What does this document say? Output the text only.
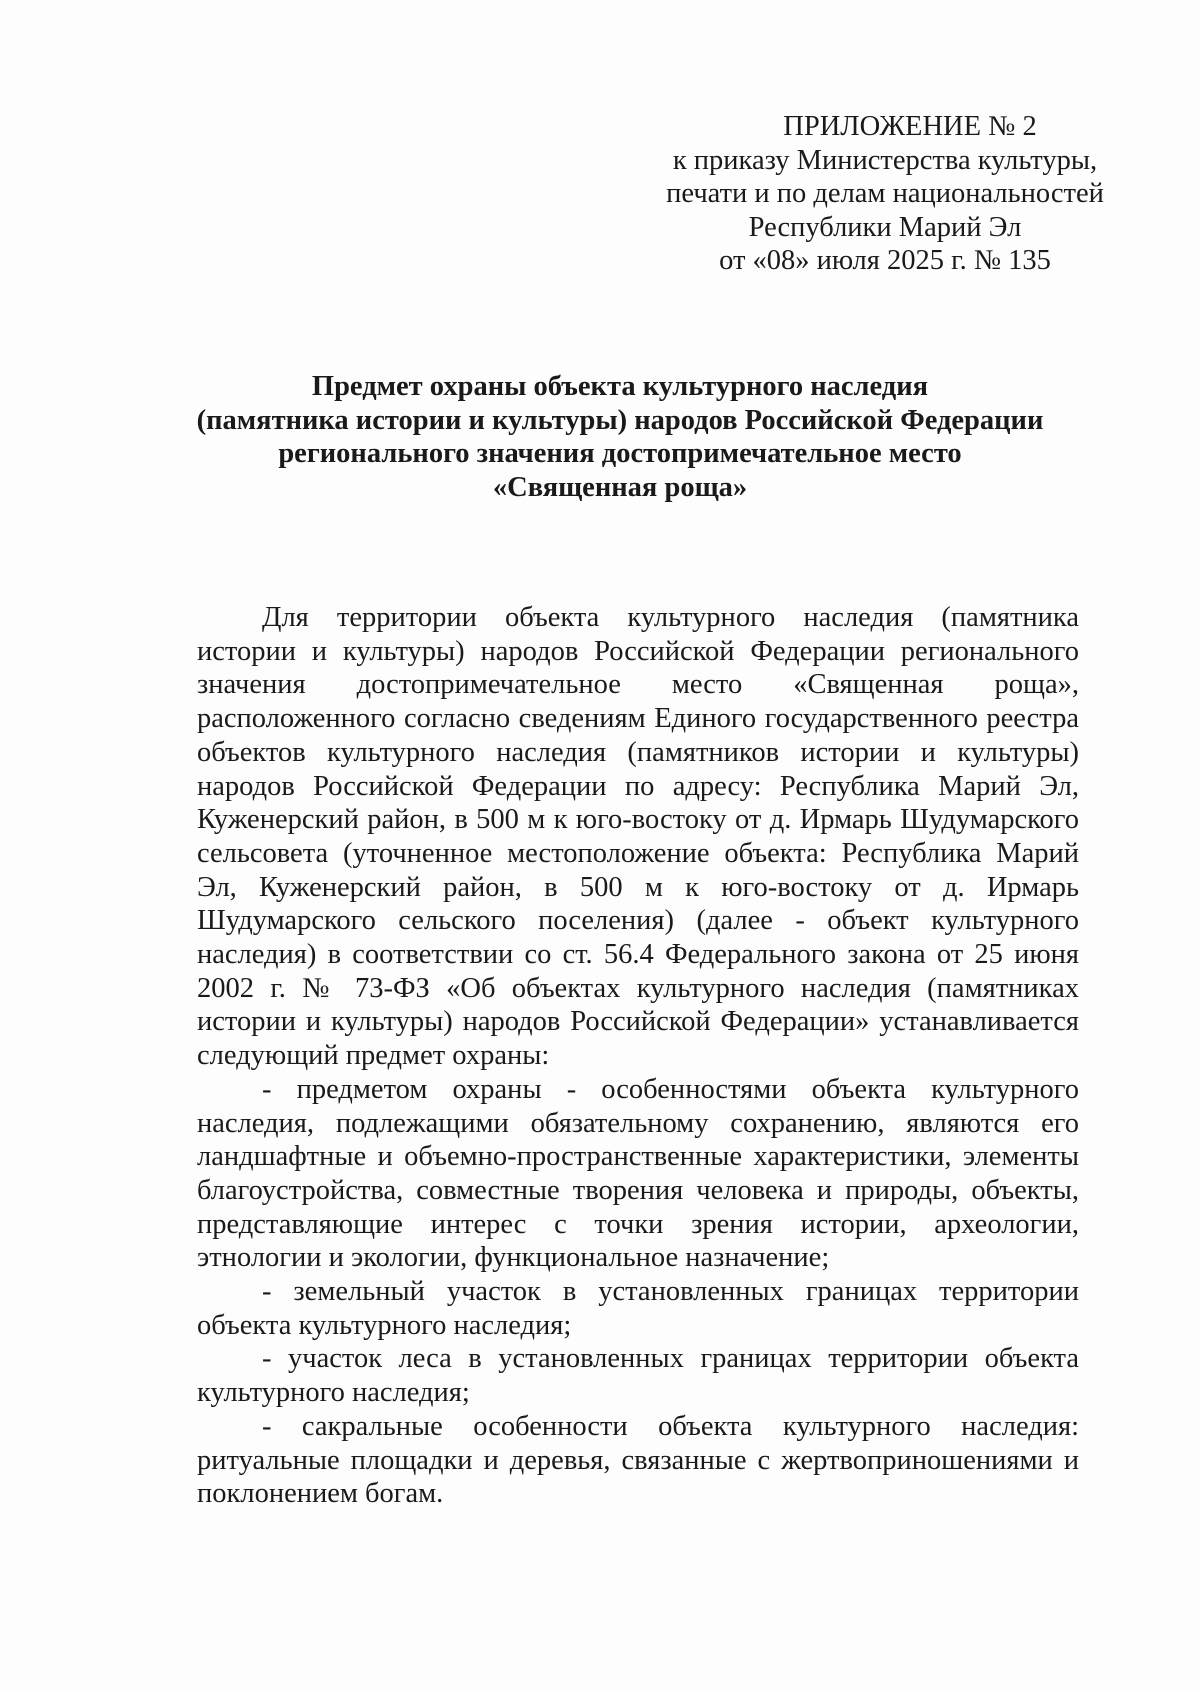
ПРИЛОЖЕНИЕ № 2
к приказу Министерства культуры,
печати и по делам национальностей
Республики Марий Эл
от «08» июля 2025 г. № 135
Предмет охраны объекта культурного наследия
(памятника истории и культуры) народов Российской Федерации
регионального значения достопримечательное место
«Священная роща»

Для территории объекта культурного наследия (памятника истории и культуры) народов Российской Федерации регионального значения достопримечательное место «Священная роща», расположенного согласно сведениям Единого государственного реестра объектов культурного наследия (памятников истории и культуры) народов Российской Федерации по адресу: Республика Марий Эл, Куженерский район, в 500 м к юго-востоку от д. Ирмарь Шудумарского сельсовета (уточненное местоположение объекта: Республика Марий Эл, Куженерский район, в 500 м к юго-востоку от д. Ирмарь Шудумарского сельского поселения) (далее - объект культурного наследия) в соответствии со ст. 56.4 Федерального закона от 25 июня 2002 г. № 73-ФЗ «Об объектах культурного наследия (памятниках истории и культуры) народов Российской Федерации» устанавливается следующий предмет охраны:

- предметом охраны - особенностями объекта культурного наследия, подлежащими обязательному сохранению, являются его ландшафтные и объемно-пространственные характеристики, элементы благоустройства, совместные творения человека и природы, объекты, представляющие интерес с точки зрения истории, археологии, этнологии и экологии, функциональное назначение;

- земельный участок в установленных границах территории объекта культурного наследия;

- участок леса в установленных границах территории объекта культурного наследия;

- сакральные особенности объекта культурного наследия: ритуальные площадки и деревья, связанные с жертвоприношениями и поклонением богам.
